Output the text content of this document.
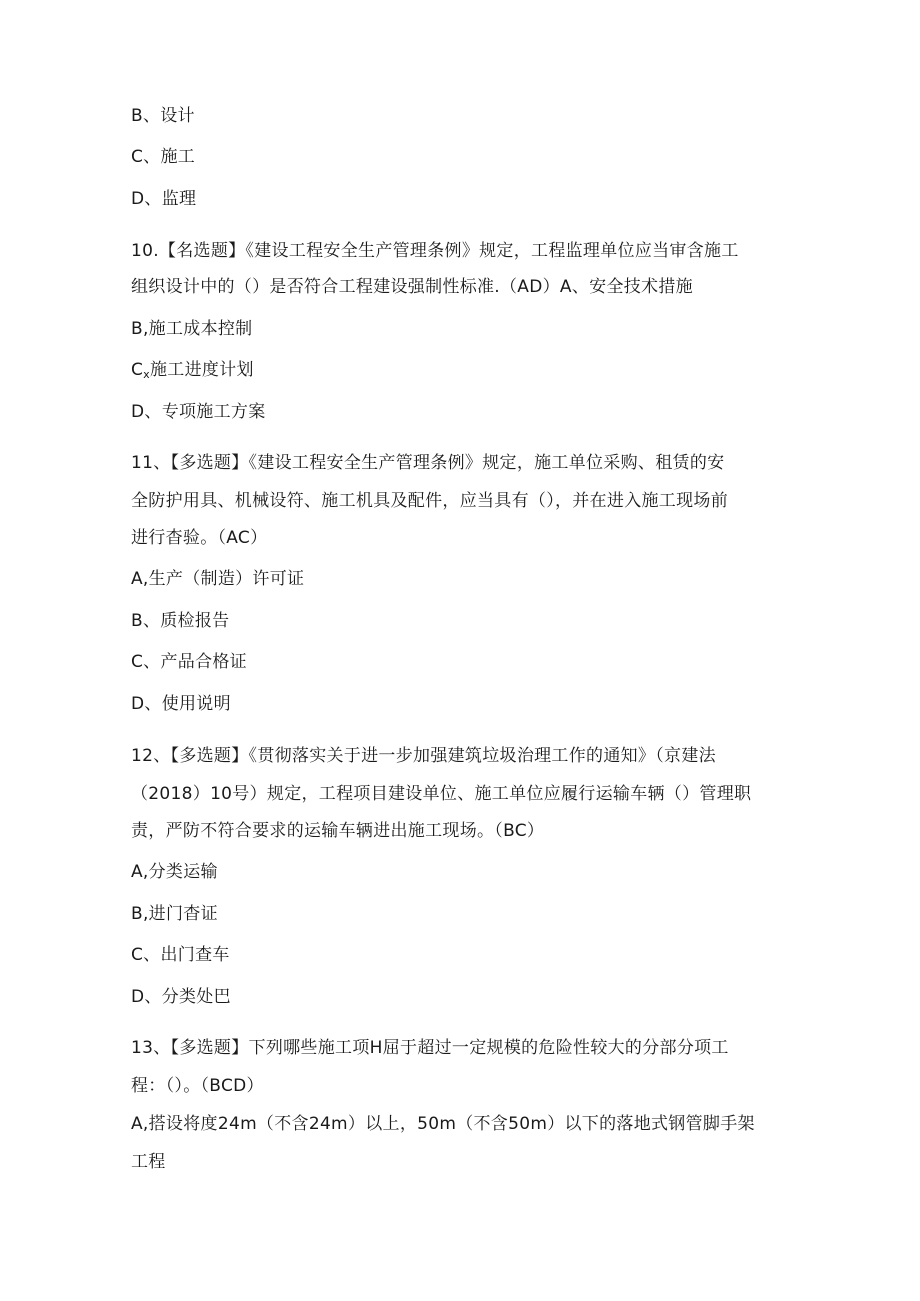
B、设计
C、施工
D、监理
10.【名选题】《建设工程安全生产管理条例》规定，工程监理单位应当审含施工
组织设计中的（）是否符合工程建设强制性标准.（AD）A、安全技术措施
B,施工成本控制
$C_x$施工进度计划
D、专项施工方案
11、【多选题】《建设工程安全生产管理条例》规定，施工单位采购、租赁的安
全防护用具、机械设符、施工机具及配件，应当具有（），并在进入施工现场前
进行杳验。（AC）
A,生产（制造）许可证
B、质检报告
C、产品合格证
D、使用说明
12、【多选题】《贯彻落实关于进一步加强建筑垃圾治理工作的通知》（京建法
（2018）10号）规定，工程项目建设单位、施工单位应履行运输车辆（）管理职
责，严防不符合要求的运输车辆进出施工现场。（BC）
A,分类运输
B,进门杳证
C、出门查车
D、分类处巴
13、【多选题】下列哪些施工项H屈于超过一定规模的危险性较大的分部分项工
程：（）。（BCD）
A,搭设将度24m（不含24m）以上，50m（不含50m）以下的落地式钢管脚手架
工程
